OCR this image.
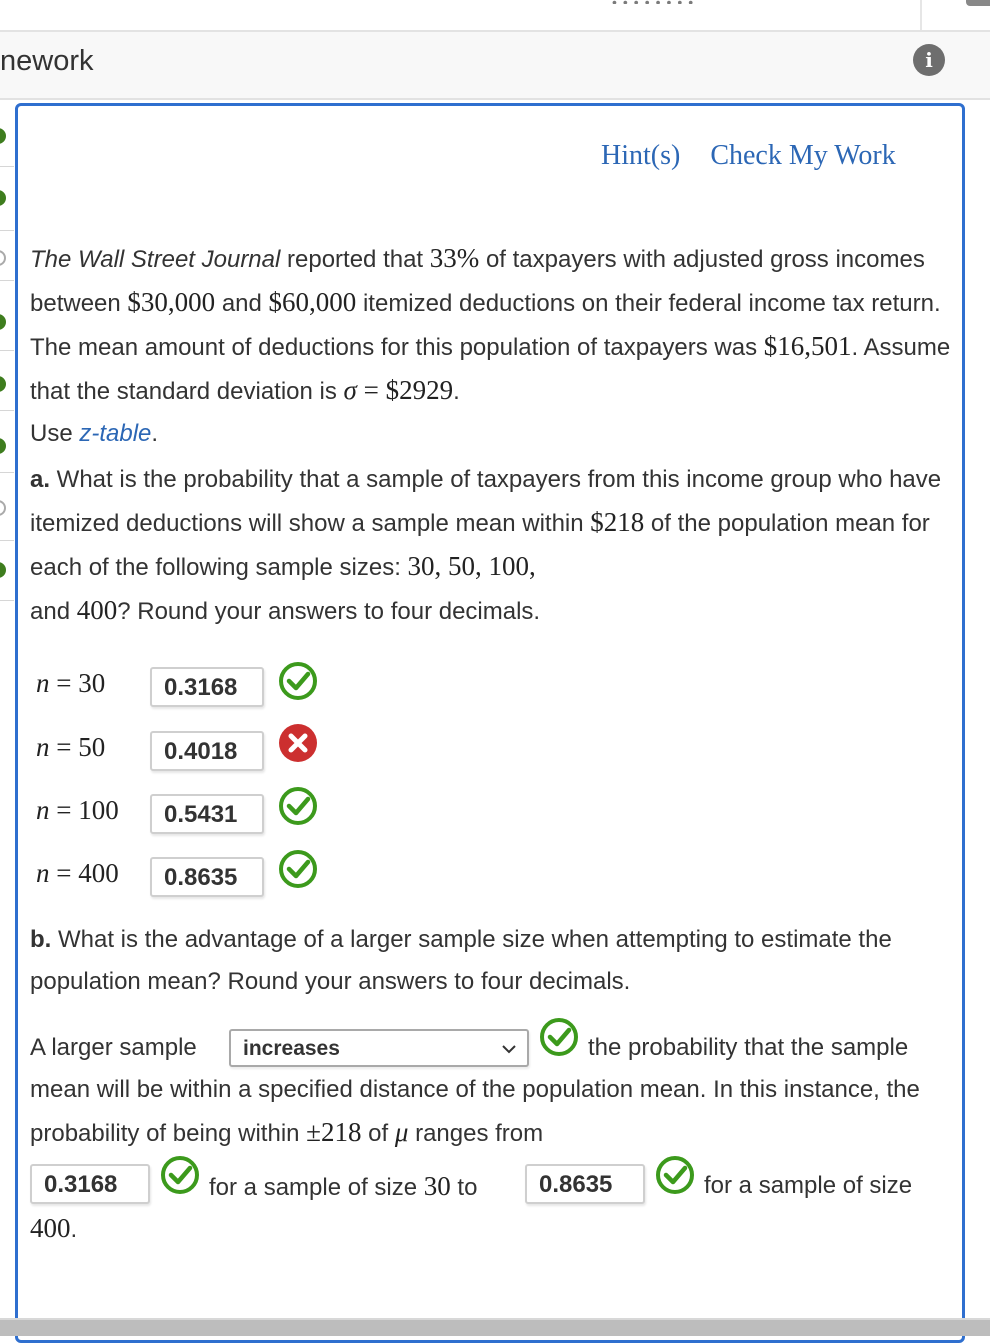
nework	i
Hint(s) Check My Work
The Wall Street Journal reported that 33% of taxpayers with adjusted gross incomes between $30,000 and $60,000 itemized deductions on their federal income tax return. The mean amount of deductions for this population of taxpayers was $16,501. Assume that the standard deviation is σ = $2929.
Use z-table.
a. What is the probability that a sample of taxpayers from this income group who have itemized deductions will show a sample mean within $218 of the population mean for each of the following sample sizes: 30, 50, 100,
and 400? Round your answers to four decimals.
n = 30	0.3168
n = 50	0.4018
n = 100	0.5431
n = 400	0.8635
b. What is the advantage of a larger sample size when attempting to estimate the population mean? Round your answers to four decimals.
A larger sample	increases	the probability that the sample mean will be within a specified distance of the population mean. In this instance, the probability of being within ±218 of μ ranges from
0.3168	for a sample of size 30 to	0.8635	for a sample of size
400.
